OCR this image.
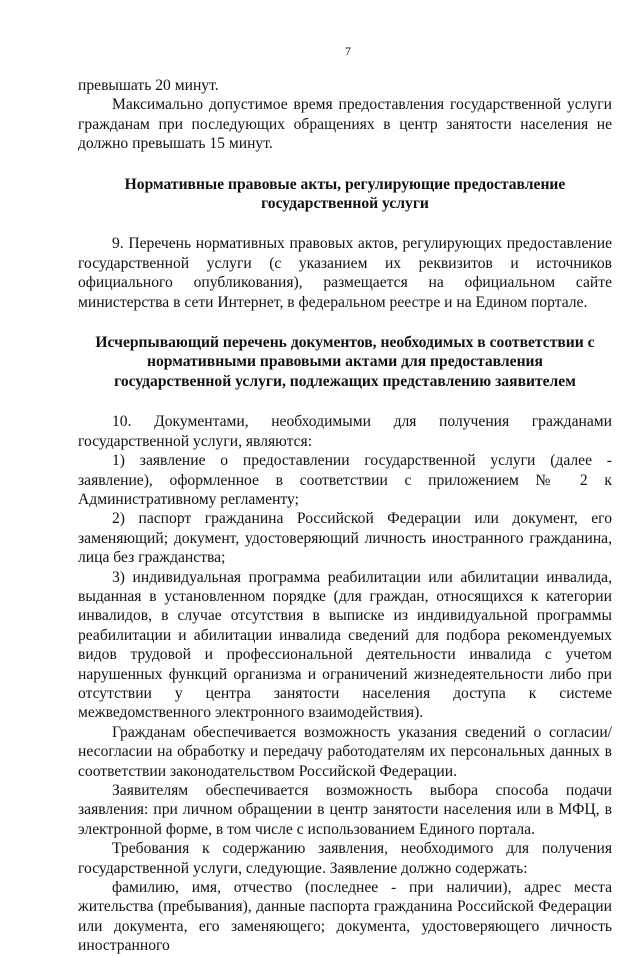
7

превышать 20 минут.

Максимально допустимое время предоставления государственной услуги гражданам при последующих обращениях в центр занятости населения не должно превышать 15 минут.

Нормативные правовые акты, регулирующие предоставление государственной услуги

9. Перечень нормативных правовых актов, регулирующих предоставление государственной услуги (с указанием их реквизитов и источников официального опубликования), размещается на официальном сайте министерства в сети Интернет, в федеральном реестре и на Едином портале.

Исчерпывающий перечень документов, необходимых в соответствии с нормативными правовыми актами для предоставления государственной услуги, подлежащих представлению заявителем

10. Документами, необходимыми для получения гражданами государственной услуги, являются:

1) заявление о предоставлении государственной услуги (далее - заявление), оформленное в соответствии с приложением № 2 к Административному регламенту;

2) паспорт гражданина Российской Федерации или документ, его заменяющий; документ, удостоверяющий личность иностранного гражданина, лица без гражданства;

3) индивидуальная программа реабилитации или абилитации инвалида, выданная в установленном порядке (для граждан, относящихся к категории инвалидов, в случае отсутствия в выписке из индивидуальной программы реабилитации и абилитации инвалида сведений для подбора рекомендуемых видов трудовой и профессиональной деятельности инвалида с учетом нарушенных функций организма и ограничений жизнедеятельности либо при отсутствии у центра занятости населения доступа к системе межведомственного электронного взаимодействия).

Гражданам обеспечивается возможность указания сведений о согласии/несогласии на обработку и передачу работодателям их персональных данных в соответствии законодательством Российской Федерации.

Заявителям обеспечивается возможность выбора способа подачи заявления: при личном обращении в центр занятости населения или в МФЦ, в электронной форме, в том числе с использованием Единого портала.

Требования к содержанию заявления, необходимого для получения государственной услуги, следующие. Заявление должно содержать:

фамилию, имя, отчество (последнее - при наличии), адрес места жительства (пребывания), данные паспорта гражданина Российской Федерации или документа, его заменяющего; документа, удостоверяющего личность иностранного
